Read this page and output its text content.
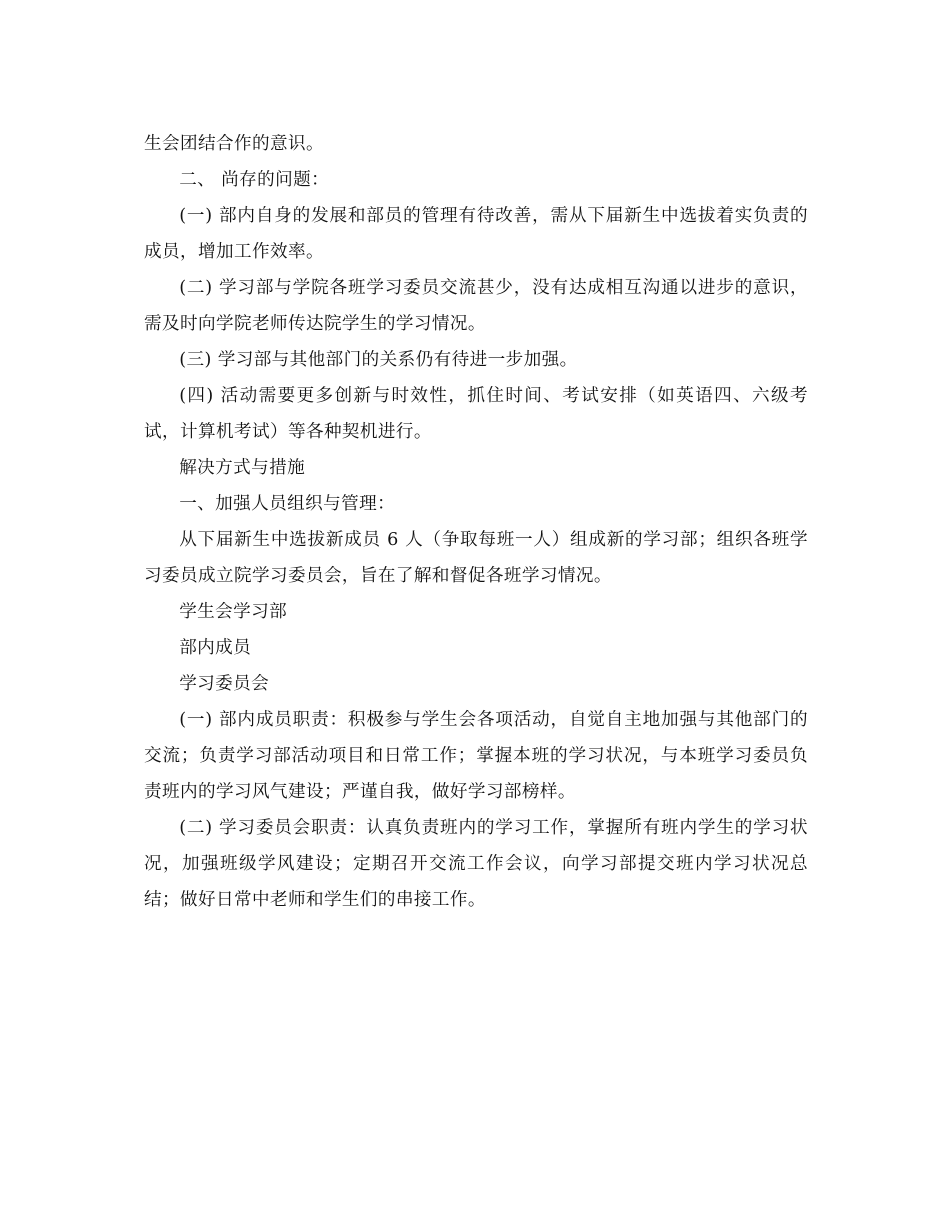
生会团结合作的意识。

二、 尚存的问题：

(一) 部内自身的发展和部员的管理有待改善，需从下届新生中选拔着实负责的成员，增加工作效率。

(二) 学习部与学院各班学习委员交流甚少，没有达成相互沟通以进步的意识，需及时向学院老师传达院学生的学习情况。

(三) 学习部与其他部门的关系仍有待进一步加强。

(四) 活动需要更多创新与时效性，抓住时间、考试安排（如英语四、六级考试，计算机考试）等各种契机进行。

解决方式与措施

一、加强人员组织与管理：

从下届新生中选拔新成员 6 人（争取每班一人）组成新的学习部；组织各班学习委员成立院学习委员会，旨在了解和督促各班学习情况。

学生会学习部

部内成员

学习委员会

(一) 部内成员职责：积极参与学生会各项活动，自觉自主地加强与其他部门的交流；负责学习部活动项目和日常工作；掌握本班的学习状况，与本班学习委员负责班内的学习风气建设；严谨自我，做好学习部榜样。

(二) 学习委员会职责：认真负责班内的学习工作，掌握所有班内学生的学习状况，加强班级学风建设；定期召开交流工作会议，向学习部提交班内学习状况总结；做好日常中老师和学生们的串接工作。
